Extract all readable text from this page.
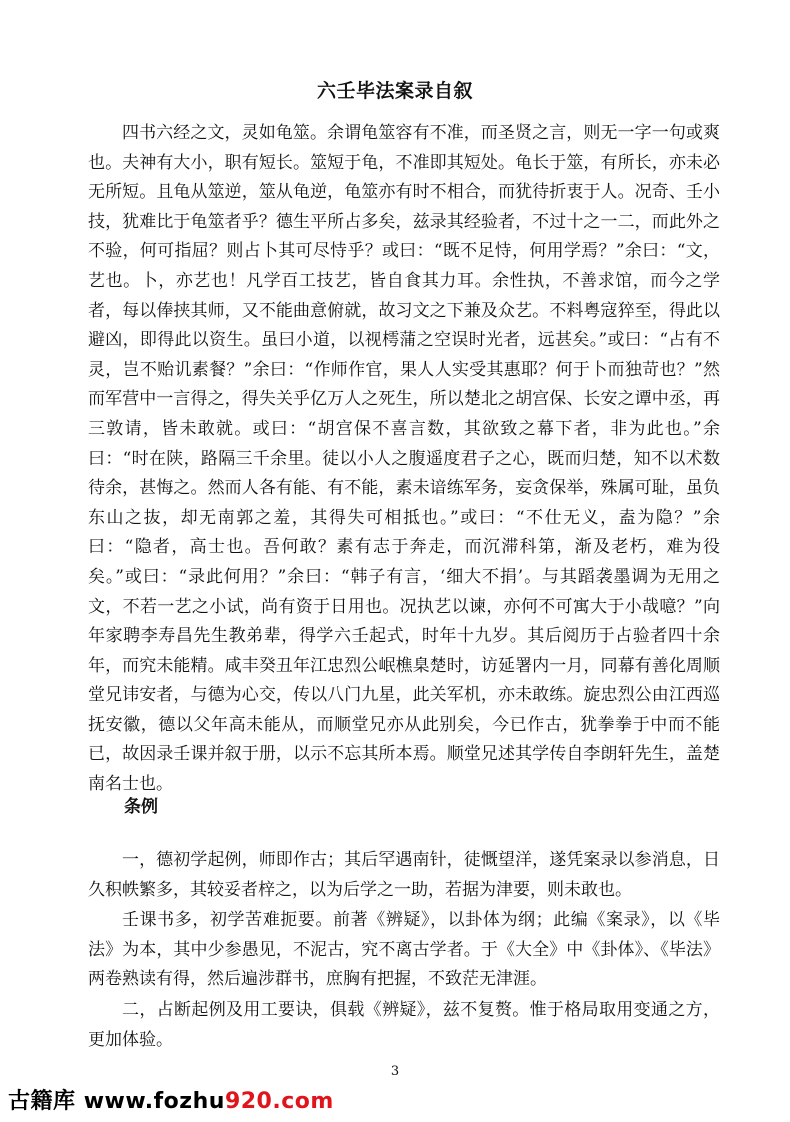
六壬毕法案录自叙

四书六经之文，灵如龟筮。余谓龟筮容有不准，而圣贤之言，则无一字一句或爽也。夫神有大小，职有短长。筮短于龟，不准即其短处。龟长于筮，有所长，亦未必无所短。且龟从筮逆，筮从龟逆，龟筮亦有时不相合，而犹待折衷于人。况奇、壬小技，犹难比于龟筮者乎？德生平所占多矣，兹录其经验者，不过十之一二，而此外之不验，何可指屈？则占卜其可尽恃乎？或曰：“既不足恃，何用学焉？”余曰：“文，艺也。卜，亦艺也！凡学百工技艺，皆自食其力耳。余性执，不善求馆，而今之学者，每以俸挟其师，又不能曲意俯就，故习文之下兼及众艺。不料粤寇猝至，得此以避凶，即得此以资生。虽曰小道，以视樗蒲之空误时光者，远甚矣。”或曰：“占有不灵，岂不贻讥素餐？”余曰：“作师作官，果人人实受其惠耶？何于卜而独苛也？”然而军营中一言得之，得失关乎亿万人之死生，所以楚北之胡宫保、长安之谭中丞，再三敦请，皆未敢就。或曰：“胡宫保不喜言数，其欲致之幕下者，非为此也。”余曰：“时在陕，路隔三千余里。徒以小人之腹遥度君子之心，既而归楚，知不以术数待余，甚悔之。然而人各有能、有不能，素未谙练军务，妄贪保举，殊属可耻，虽负东山之抜，却无南郭之羞，其得失可相抵也。”或曰：“不仕无义，盍为隐？”余曰：“隐者，高士也。吾何敢？素有志于奔走，而沉滞科第，渐及老朽，难为役矣。”或曰：“录此何用？”余曰：“韩子有言，‘细大不捐’。与其蹈袭墨调为无用之文，不若一艺之小试，尚有资于日用也。况执艺以谏，亦何不可寓大于小哉噫？”向年家聘李寿昌先生教弟辈，得学六壬起式，时年十九岁。其后阅历于占验者四十余年，而究未能精。咸丰癸丑年江忠烈公岷樵臬楚时，访延署内一月，同幕有善化周顺堂兄讳安者，与德为心交，传以八门九星，此关军机，亦未敢练。旋忠烈公由江西巡抚安徽，德以父年高未能从，而顺堂兄亦从此别矣，今已作古，犹拳拳于中而不能已，故因录壬课并叙于册，以示不忘其所本焉。顺堂兄述其学传自李朗轩先生，盖楚南名士也。

条例

一，德初学起例，师即作古；其后罕遇南针，徒慨望洋，遂凭案录以参消息，日久积帙繁多，其较妥者梓之，以为后学之一助，若据为津要，则未敢也。

壬课书多，初学苦难扼要。前著《辨疑》，以卦体为纲；此编《案录》，以《毕法》为本，其中少参愚见，不泥古，究不离古学者。于《大全》中《卦体》、《毕法》两卷熟读有得，然后遍涉群书，庶胸有把握，不致茫无津涯。

二，占断起例及用工要诀，俱载《辨疑》，兹不复赘。惟于格局取用变通之方，更加体验。

3
古籍库 www.fozhu920.com
